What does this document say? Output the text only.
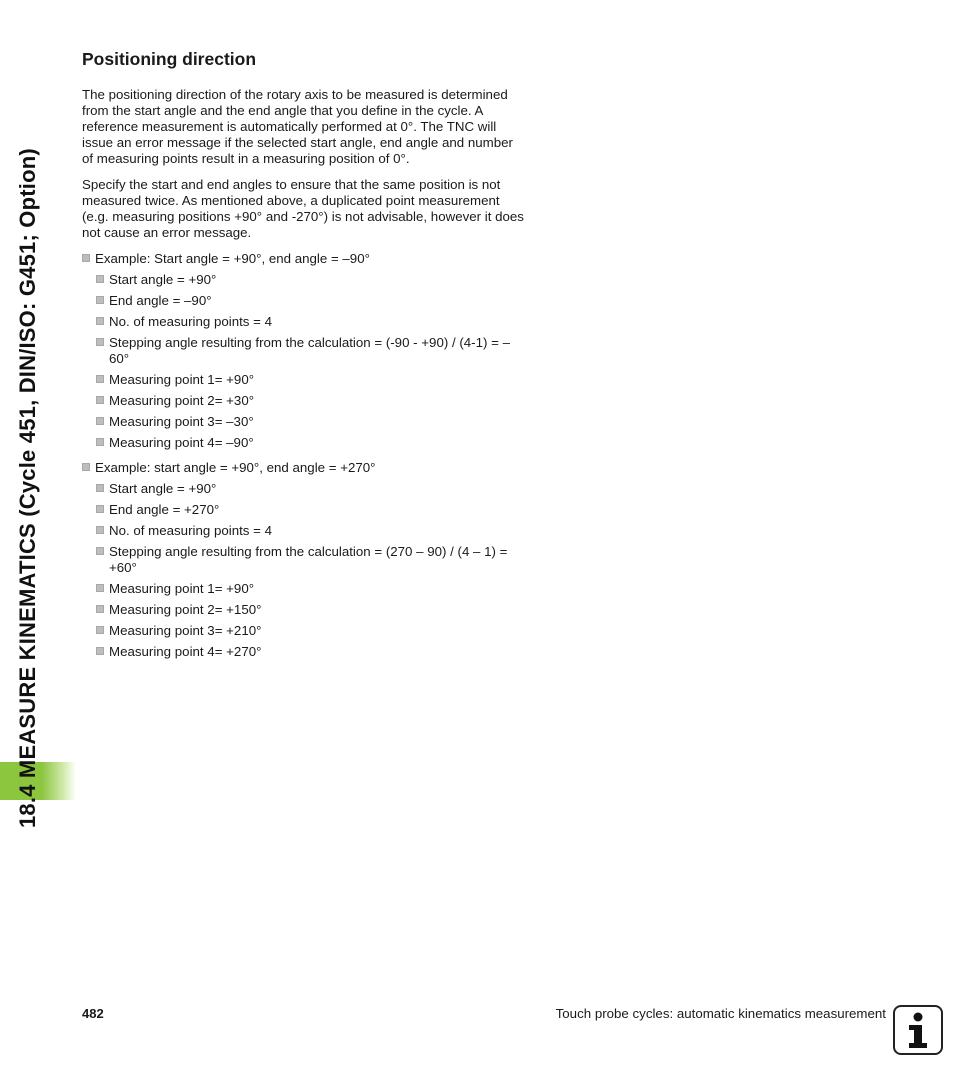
18.4 MEASURE KINEMATICS (Cycle 451, DIN/ISO: G451; Option)
Positioning direction

The positioning direction of the rotary axis to be measured is determined from the start angle and the end angle that you define in the cycle. A reference measurement is automatically performed at 0°. The TNC will issue an error message if the selected start angle, end angle and number of measuring points result in a measuring position of 0°.

Specify the start and end angles to ensure that the same position is not measured twice. As mentioned above, a duplicated point measurement (e.g. measuring positions +90° and -270°) is not advisable, however it does not cause an error message.

Example: Start angle = +90°, end angle = –90°
Start angle = +90°
End angle = –90°
No. of measuring points = 4
Stepping angle resulting from the calculation = (-90 - +90) / (4-1) = –60°
Measuring point 1= +90°
Measuring point 2= +30°
Measuring point 3= –30°
Measuring point 4= –90°
Example: start angle = +90°, end angle = +270°
Start angle = +90°
End angle = +270°
No. of measuring points = 4
Stepping angle resulting from the calculation = (270 – 90) / (4 – 1) = +60°
Measuring point 1= +90°
Measuring point 2= +150°
Measuring point 3= +210°
Measuring point 4= +270°
482	Touch probe cycles: automatic kinematics measurement
